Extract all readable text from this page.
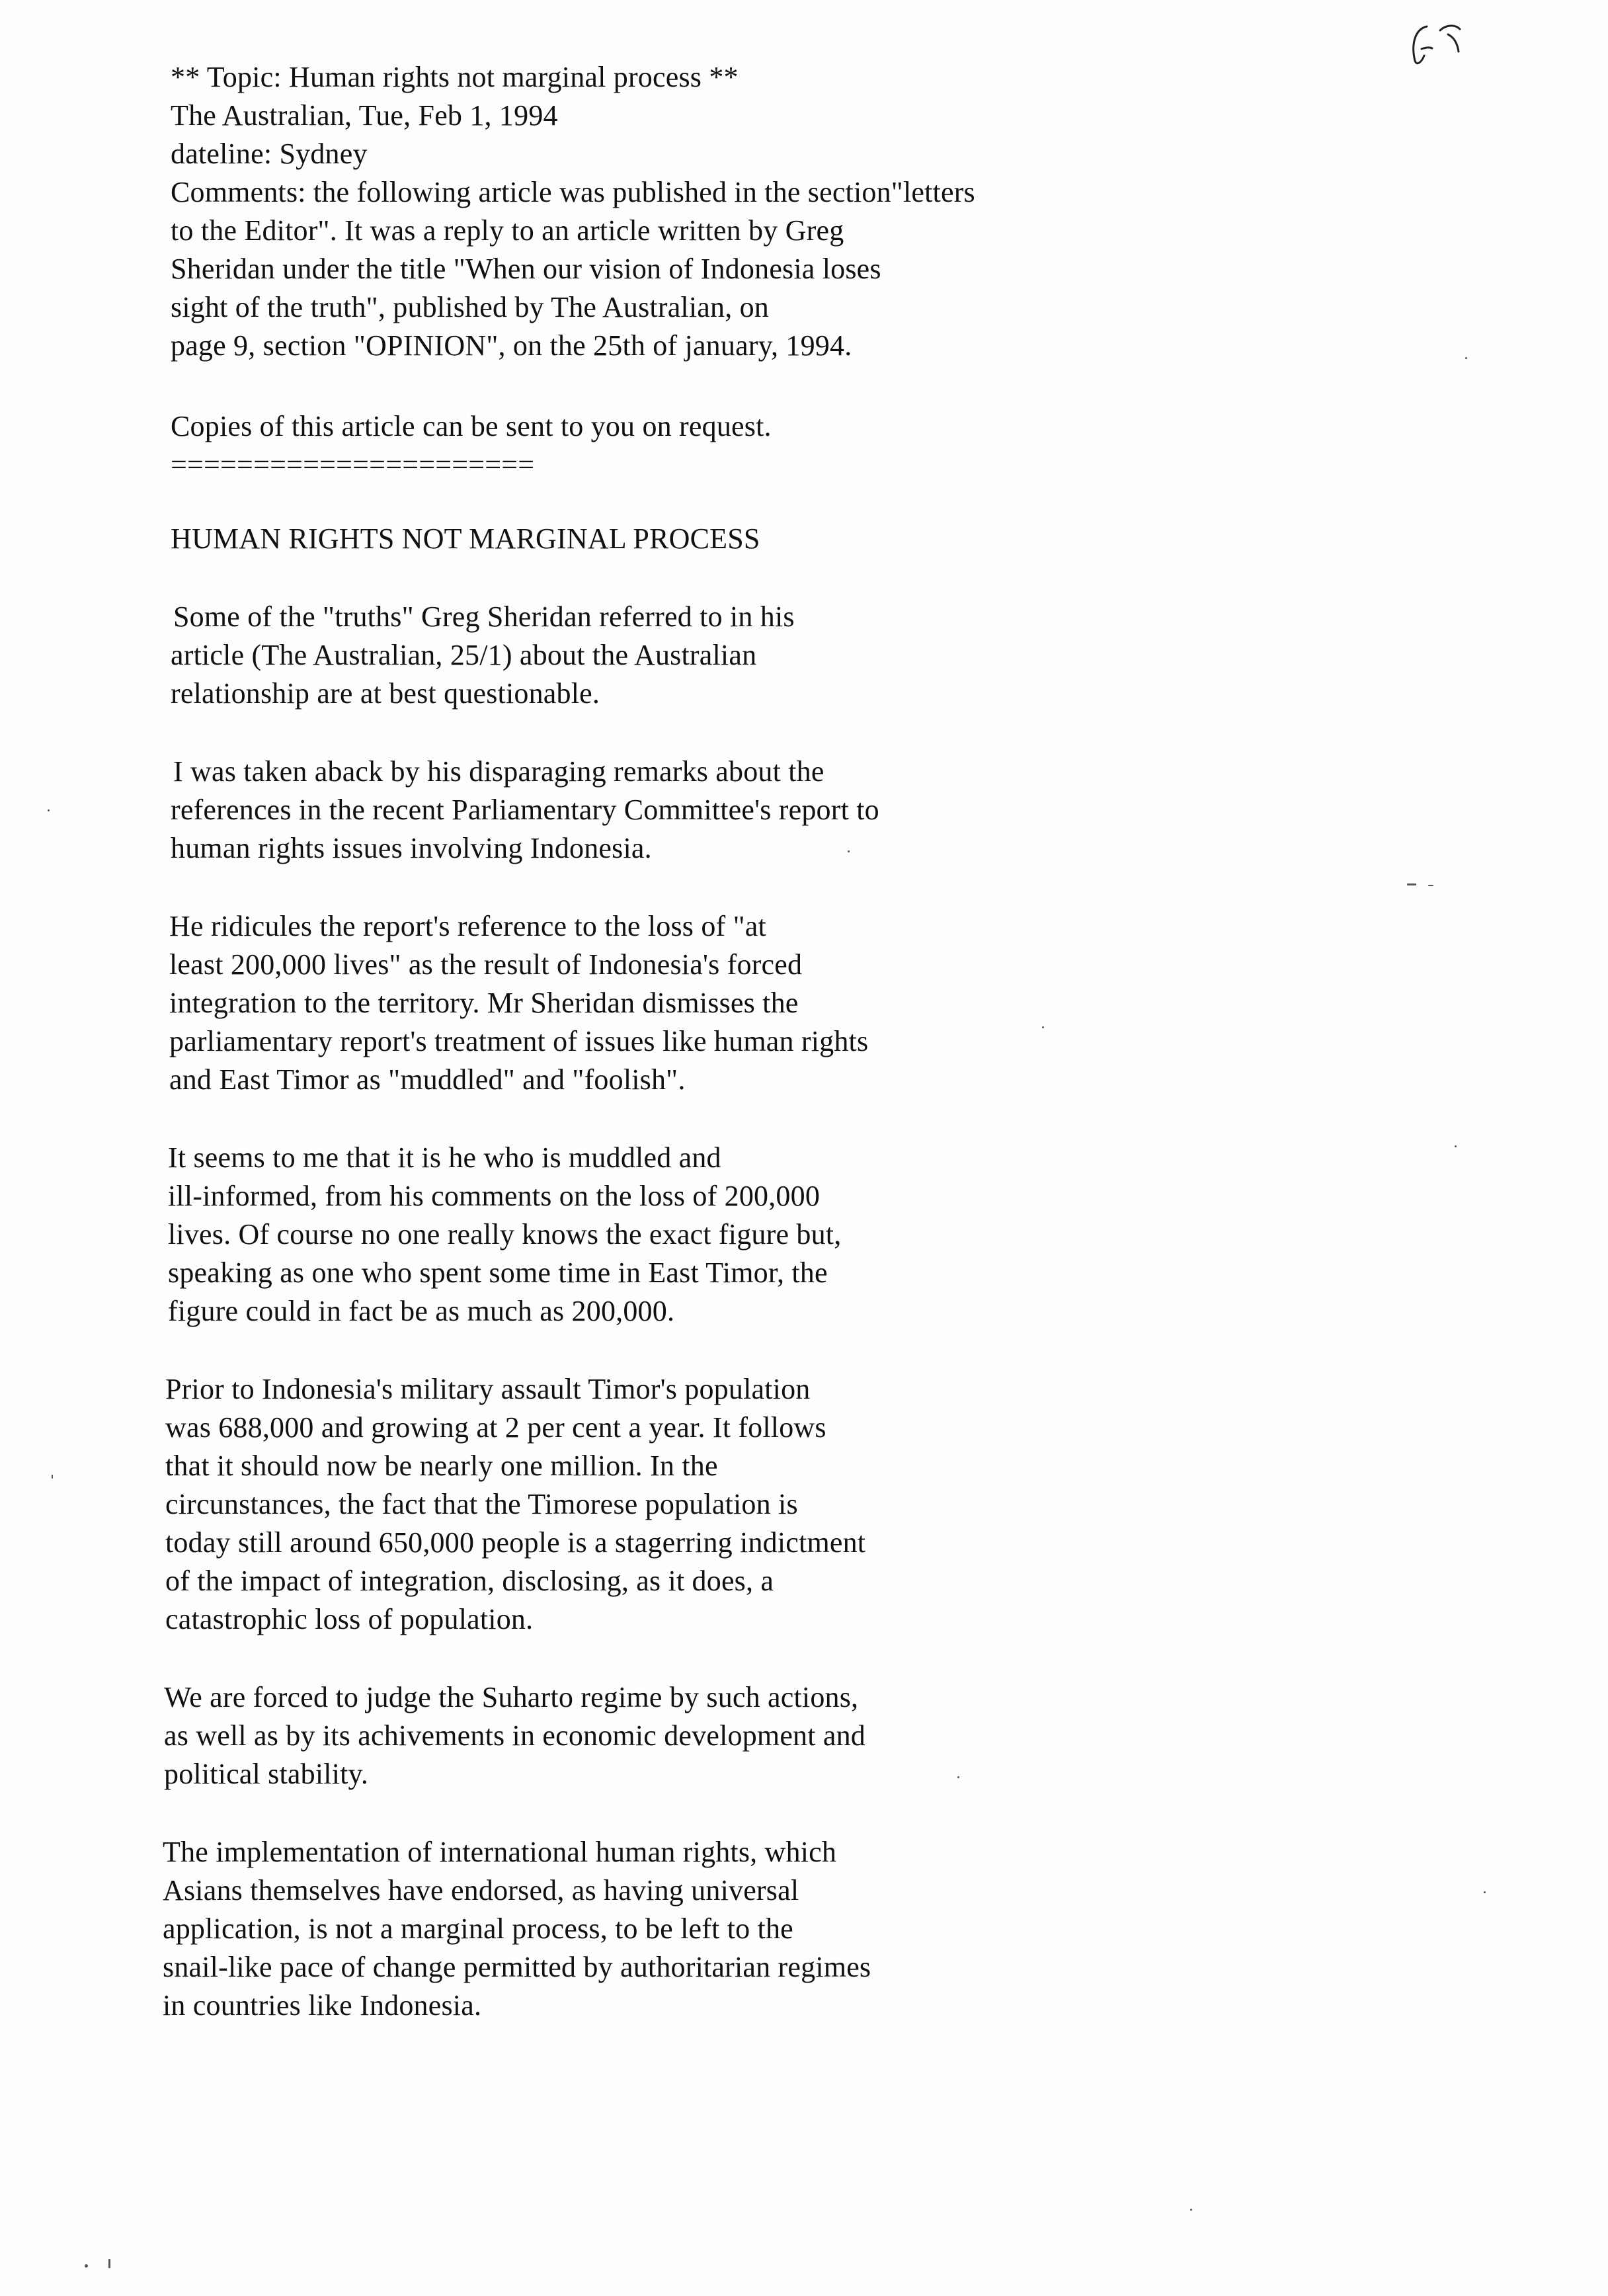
** Topic: Human rights not marginal process **
The Australian, Tue, Feb 1, 1994
dateline: Sydney
Comments: the following article was published in the section"letters
to the Editor". It was a reply to an article written by Greg
Sheridan under the title "When our vision of Indonesia loses
sight of the truth", published by The Australian, on
page 9, section "OPINION", on the 25th of january, 1994.
Copies of this article can be sent to you on request.
======================
HUMAN RIGHTS NOT MARGINAL PROCESS
Some of the "truths" Greg Sheridan referred to in his
article (The Australian, 25/1) about the Australian
relationship are at best questionable.
I was taken aback by his disparaging remarks about the
references in the recent Parliamentary Committee's report to
human rights issues involving Indonesia.
He ridicules the report's reference to the loss of "at
least 200,000 lives" as the result of Indonesia's forced
integration to the territory. Mr Sheridan dismisses the
parliamentary report's treatment of issues like human rights
and East Timor as "muddled" and "foolish".
It seems to me that it is he who is muddled and
ill-informed, from his comments on the loss of 200,000
lives. Of course no one really knows the exact figure but,
speaking as one who spent some time in East Timor, the
figure could in fact be as much as 200,000.
Prior to Indonesia's military assault Timor's population
was 688,000 and growing at 2 per cent a year. It follows
that it should now be nearly one million. In the
circunstances, the fact that the Timorese population is
today still around 650,000 people is a stagerring indictment
of the impact of integration, disclosing, as it does, a
catastrophic loss of population.
We are forced to judge the Suharto regime by such actions,
as well as by its achivements in economic development and
political stability.
The implementation of international human rights, which
Asians themselves have endorsed, as having universal
application, is not a marginal process, to be left to the
snail-like pace of change permitted by authoritarian regimes
in countries like Indonesia.
